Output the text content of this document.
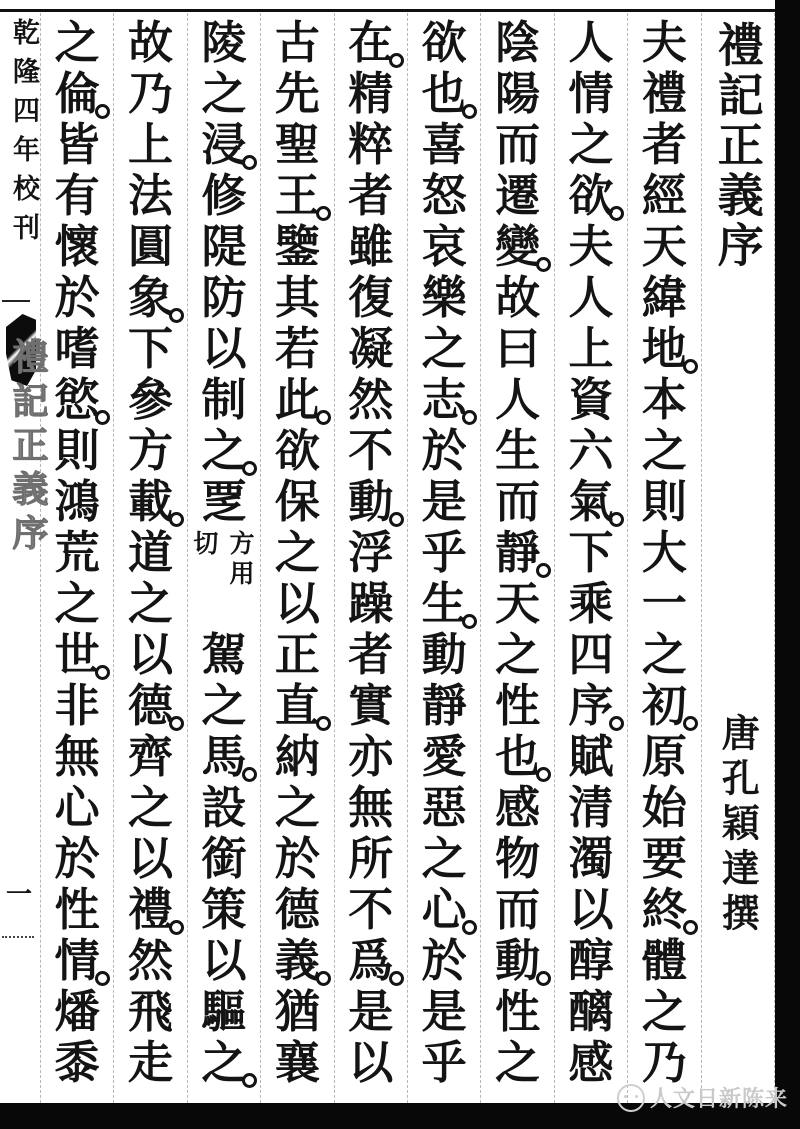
禮記正義序
唐孔穎達撰
夫
禮
者
經
天
緯
地
本
之
則
大
一
之
初
原
始
要
終
體
之
乃
人
情
之
欲
夫
人
上
資
六
氣
下
乘
四
序
賦
清
濁
以
醇
醨
感
陰
陽
而
遷
變
故
曰
人
生
而
靜
天
之
性
也
感
物
而
動
性
之
欲
也
喜
怒
哀
樂
之
志
於
是
乎
生
動
靜
愛
惡
之
心
於
是
乎
在
精
粹
者
雖
復
凝
然
不
動
浮
躁
者
實
亦
無
所
不
爲
是
以
古
先
聖
王
鑒
其
若
此
欲
保
之
以
正
直
納
之
於
德
義
猶
襄
陵
之
浸
修
隄
防
以
制
之
覂
方
用
切
駕
之
馬
設
銜
策
以
驅
之
故
乃
上
法
圓
象
下
參
方
載
道
之
以
德
齊
之
以
禮
然
飛
走
之
倫
皆
有
懷
於
嗜
慾
則
鴻
荒
之
世
非
無
心
於
性
情
燔
黍
乾隆四年校刊
禮記正義序
一
人文日新陈来
